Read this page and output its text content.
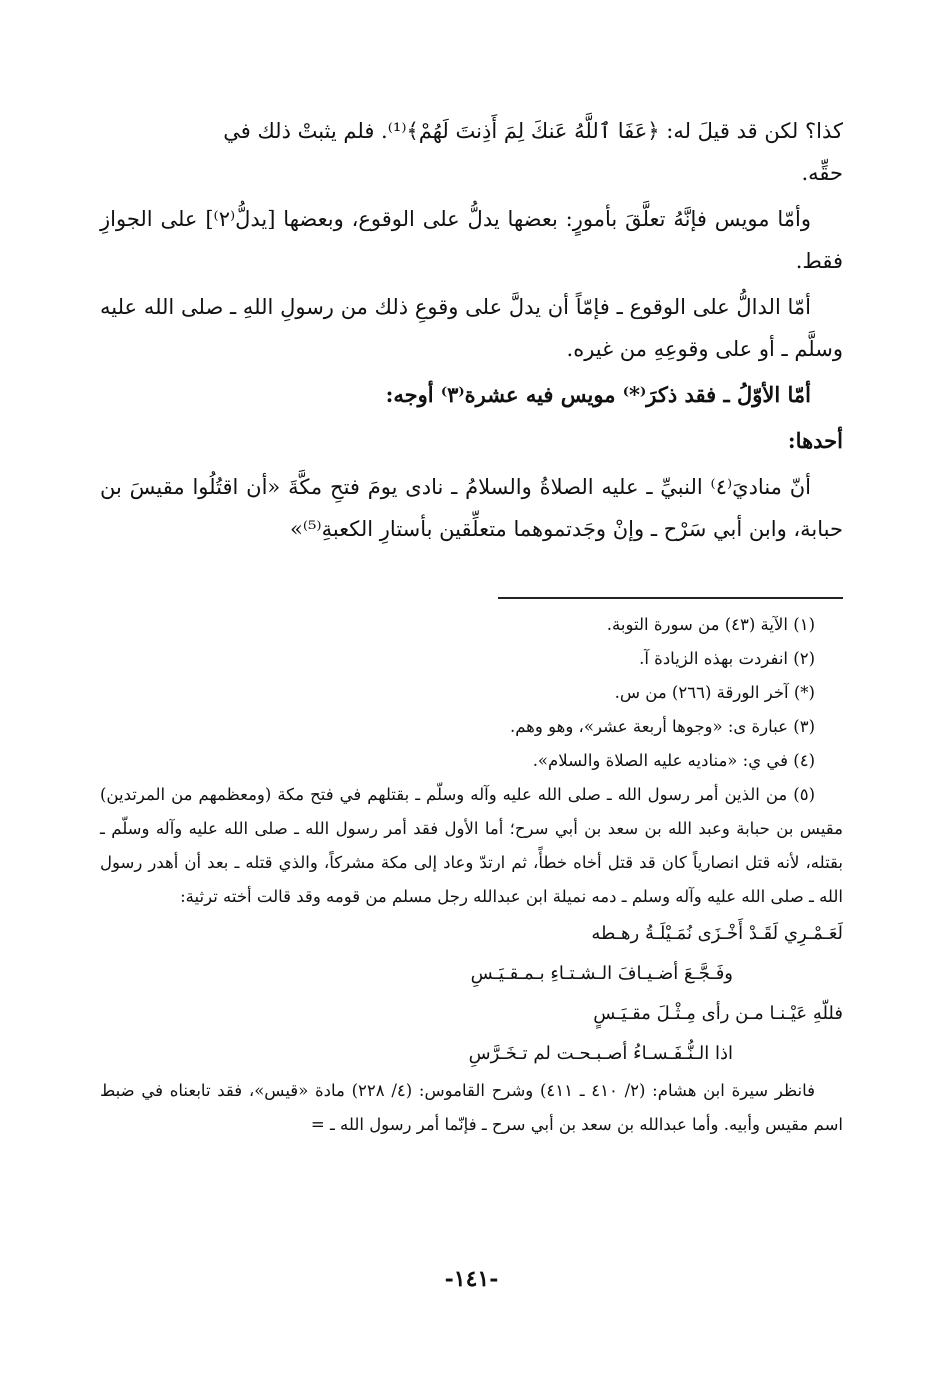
كذا؟ لكن قد قيلَ له: ﴿عَفَا ٱللَّهُ عَنكَ لِمَ أَذِنتَ لَهُمْ﴾⁽¹⁾. فلم يثبتْ ذلك في
حقِّه.

وأمّا مويس فإنَّهُ تعلَّقَ بأمورٍ: بعضها يدلُّ على الوقوع، وبعضها [يدلُّ⁽٢⁾] على الجوازِ فقط.

أمّا الدالُّ على الوقوع ـ فإمّاً أن يدلَّ على وقوعِ ذلك من رسولِ اللهِ ـ صلى الله عليه وسلَّم ـ أو على وقوعِهِ من غيره.

أمّا الأوّلُ ـ فقد ذكرَ⁽*⁾ مويس فيه عشرة⁽٣⁾ أوجه:

أحدها:

أنّ مناديَ⁽٤⁾ النبيِّ ـ عليه الصلاةُ والسلامُ ـ نادى يومَ فتحِ مكَّةَ «أن اقتُلُوا مقيسَ بن حبابة، وابن أبي سَرْح ـ وإنْ وجَدتموهما متعلِّقين بأستارِ الكعبةِ⁽⁵⁾»

(١) الآية (٤٣) من سورة التوبة.

(٢) انفردت بهذه الزيادة آ.

(*) آخر الورقة (٢٦٦) من س.

(٣) عبارة ى: «وجوها أربعة عشر»، وهو وهم.

(٤) في ي: «مناديه عليه الصلاة والسلام».

(٥) من الذين أمر رسول الله ـ صلى الله عليه وآله وسلّم ـ بقتلهم في فتح مكة (ومعظمهم من المرتدين) مقيس بن حبابة وعبد الله بن سعد بن أبي سرح؛ أما الأول فقد أمر رسول الله ـ صلى الله عليه وآله وسلّم ـ بقتله، لأنه قتل انصارياً كان قد قتل أخاه خطأً، ثم ارتدّ وعاد إلى مكة مشركاً، والذي قتله ـ بعد أن أهدر رسول الله ـ صلى الله عليه وآله وسلم ـ دمه نميلة ابن عبدالله رجل مسلم من قومه وقد قالت أخته ترثية:

لَعَـمْـرِي لَقَـدْ أَخْـزَى نُمَـيْلَـةُ رهـطه

وفَـجَّـعَ أضـيـافَ الـشـتـاءِ بـمـقـيَـسِ

فللّهِ عَيْـنـا مـن رأى مِـثْـلَ مقـيَـسٍ

اذا الـنُّـفَـسـاءُ أصـبـحـت لم تـخَـرَّسِ

فانظر سيرة ابن هشام: (٢/ ٤١٠ ـ ٤١١) وشرح القاموس: (٤/ ٢٢٨) مادة «قيس»، فقد تابعناه في ضبط اسم مقيس وأبيه. وأما عبدالله بن سعد بن أبي سرح ـ فإنّما أمر رسول الله ـ =

-١٤١-
